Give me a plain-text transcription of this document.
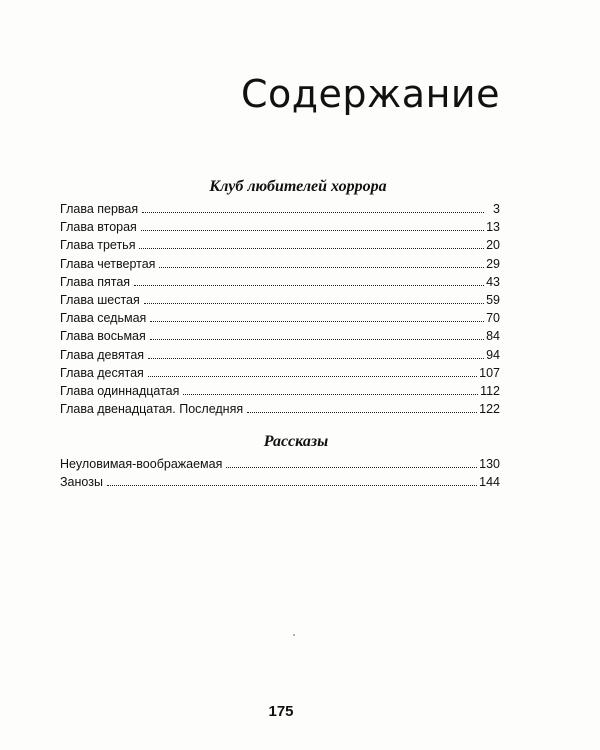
Содержание
Клуб любителей хоррора
Глава первая	3
Глава вторая	13
Глава третья	20
Глава четвертая	29
Глава пятая	43
Глава шестая	59
Глава седьмая	70
Глава восьмая	84
Глава девятая	94
Глава десятая	107
Глава одиннадцатая	112
Глава двенадцатая. Последняя	122
Рассказы
Неуловимая-воображаемая	130
Занозы	144
175
